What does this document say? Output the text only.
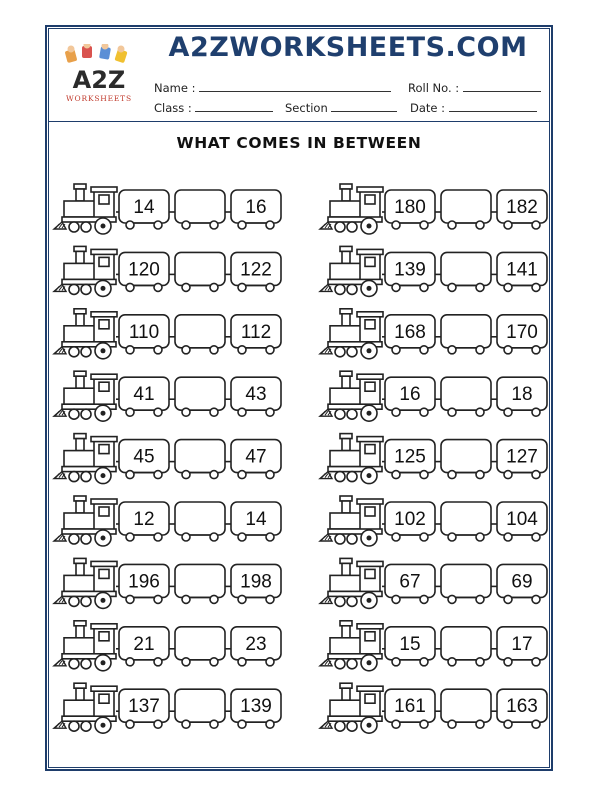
A2Z
WORKSHEETS
A2ZWORKSHEETS.COM
Name :	Roll No. :
Class :	Section	Date :
WHAT COMES IN BETWEEN
14	16
120	122
110	112
41	43
45	47
12	14
196	198
21	23
137	139
180	182
139	141
168	170
16	18
125	127
102	104
67	69
15	17
161	163
